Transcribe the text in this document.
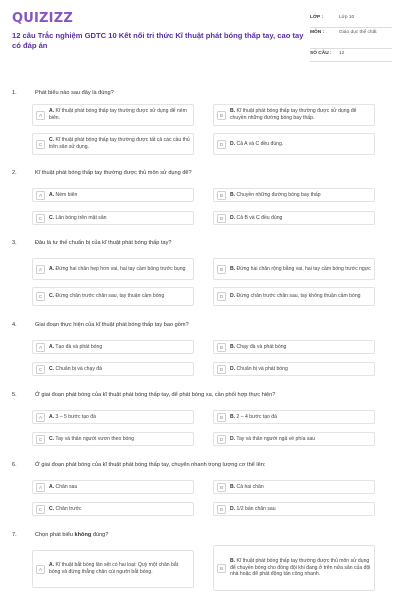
QUIZIZZ
12 câu Trắc nghiệm GDTC 10 Kết nối tri thức Kĩ thuật phát bóng thấp tay, cao tay có đáp án
LỚP :	Lớp 10
MÔN :	Giáo dục thể chất
SỐ CÂU :	12
1.	Phát biểu nào sau đây là đúng?
A
A. Kĩ thuật phát bóng thấp tay thường được sử dụng để ném biên.	B
B. Kĩ thuật phát bóng thấp tay thường được sử dụng để chuyền những đường bóng bay thấp.
C
C. Kĩ thuật phát bóng thấp tay thường được tất cả các cầu thủ trên sân sử dụng.	D	D. Cả A và C đều đúng.
2.	Kĩ thuật phát bóng thấp tay thường được thủ môn sử dụng để?
A	A. Ném biên	B	B. Chuyền những đường bóng bay thấp
C	C. Lăn bóng trên mặt sân	D	D. Cả B và C đều đúng
3.	Đâu là tư thế chuẩn bị của kĩ thuật phát bóng thấp tay?
A	A. Đứng hai chân hẹp hơn vai, hai tay cầm bóng trước bụng	B	B. Đứng hai chân rộng bằng vai, hai tay cầm bóng trước ngực
C	C. Đứng chân trước chân sau, tay thuận cầm bóng	D	D. Đứng chân trước chân sau, tay không thuận cầm bóng
4.	Giai đoạn thực hiện của kĩ thuật phát bóng thấp tay bao gồm?
A	A. Tạo đà và phát bóng	B	B. Chạy đà và phát bóng
C	C. Chuẩn bị và chạy đà	D	D. Chuẩn bị và phát bóng
5.	Ở giai đoạn phát bóng của kĩ thuật phát bóng thấp tay, để phát bóng xa, cần phối hợp thực hiện?
A	A. 3 – 5 bước tạo đà	B	B. 2 – 4 bước tạo đà
C	C. Tay và thân người vươn theo bóng	D	D. Tay và thân người ngả về phía sau
6.	Ở giai đoạn phát bóng của kĩ thuật phát bóng thấp tay, chuyển nhanh trọng lượng cơ thể lên:
A	A. Chân sau	B	B. Cả hai chân
C	C. Chân trước	D	D. 1/2 bàn chân sau
7.	Chọn phát biểu không đúng?
A
A. Kĩ thuật bắt bóng lăn sệt có hai loại: Quỳ một chân bắt bóng và đứng thẳng chân cúi người bắt bóng.
B
B. Kĩ thuật phát bóng thấp tay thường được thủ môn sử dụng để chuyền bóng cho đồng đội khi đang ở trên nửa sân của đội nhà hoặc để phát động tấn công nhanh.
